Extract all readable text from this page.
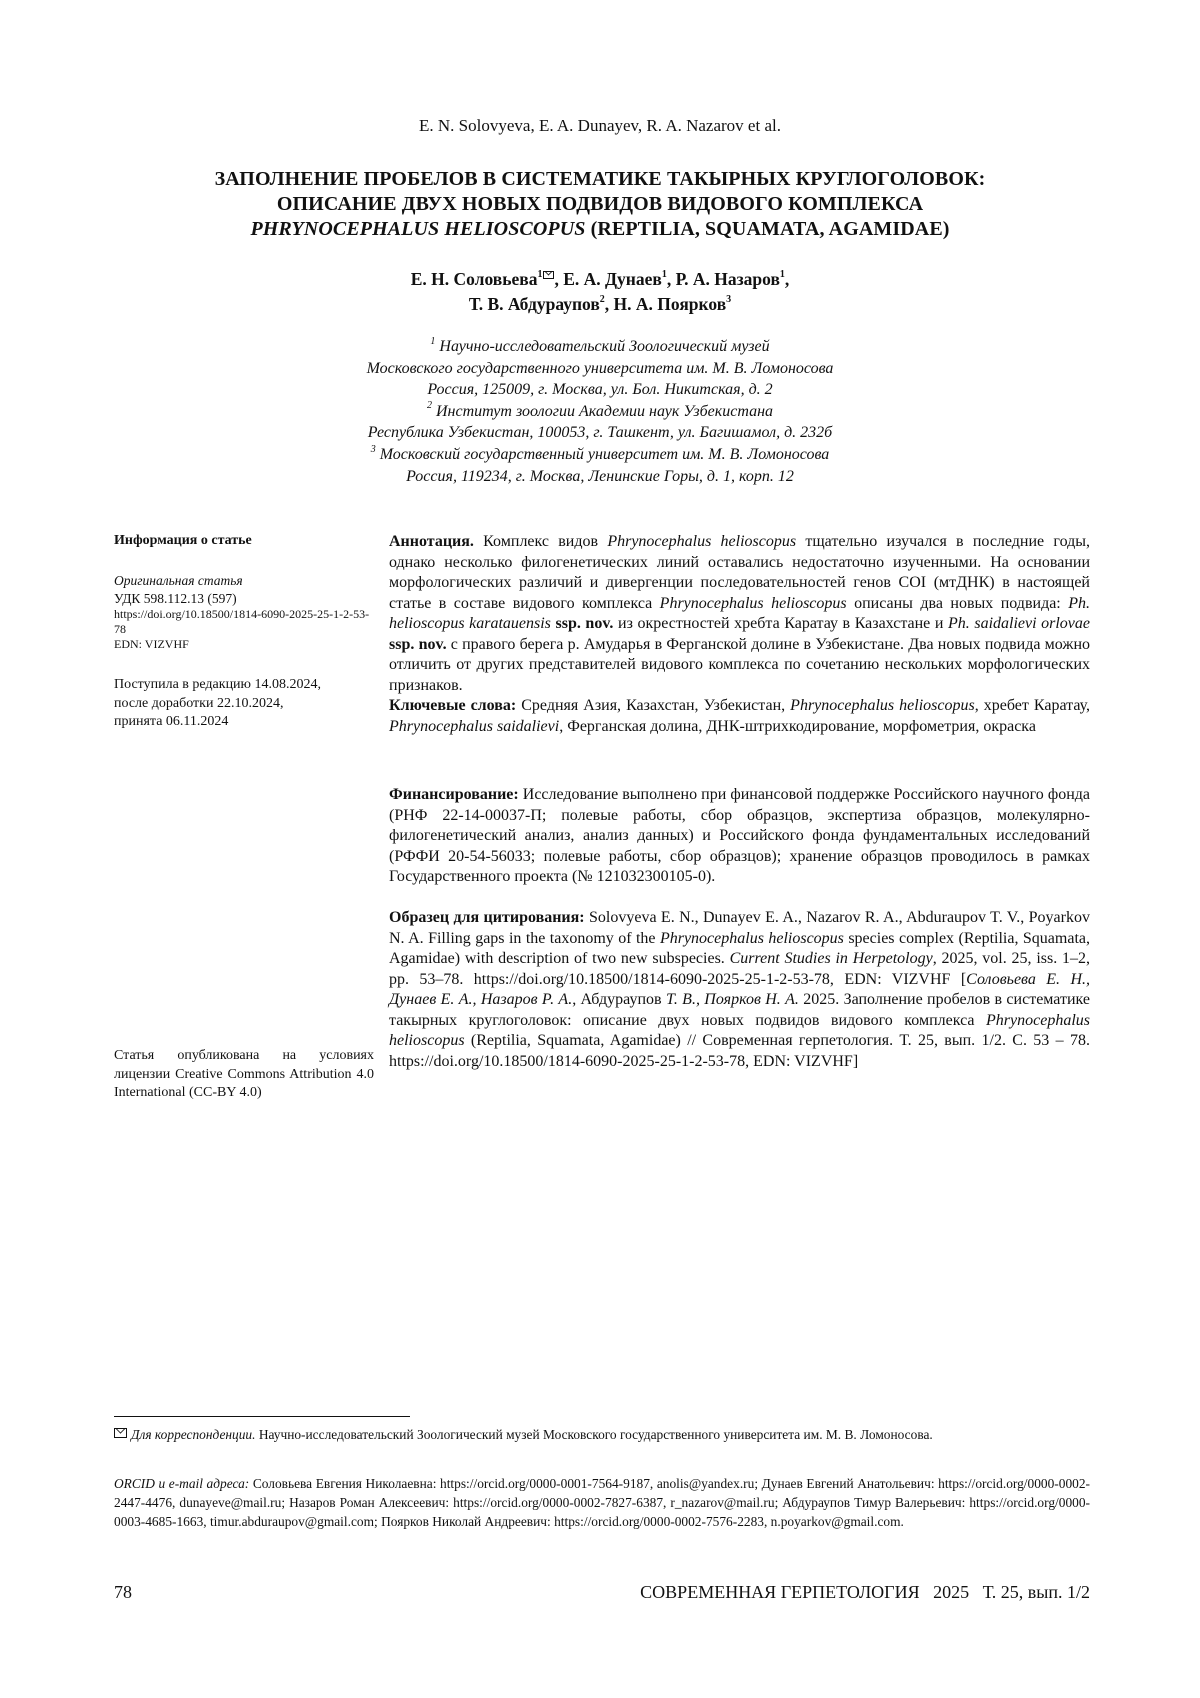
E. N. Solovyeva, E. A. Dunayev, R. A. Nazarov et al.
ЗАПОЛНЕНИЕ ПРОБЕЛОВ В СИСТЕМАТИКЕ ТАКЫРНЫХ КРУГЛОГОЛОВОК:
ОПИСАНИЕ ДВУХ НОВЫХ ПОДВИДОВ ВИДОВОГО КОМПЛЕКСА
PHRYNOCEPHALUS HELIOSCOPUS (REPTILIA, SQUAMATA, AGAMIDAE)
Е. Н. Соловьева$^1$ , Е. А. Дунаев$^1$, Р. А. Назаров$^1$,
Т. В. Абдураупов$^2$, Н. А. Поярков$^3$
$^1$ Научно-исследовательский Зоологический музей
Московского государственного университета им. М. В. Ломоносова
Россия, 125009, г. Москва, ул. Бол. Никитская, д. 2
$^2$ Институт зоологии Академии наук Узбекистана
Республика Узбекистан, 100053, г. Ташкент, ул. Багишамол, д. 232б
$^3$ Московский государственный университет им. М. В. Ломоносова
Россия, 119234, г. Москва, Ленинские Горы, д. 1, корп. 12
Информация о статье
Оригинальная статья
УДК 598.112.13 (597)
https://doi.org/10.18500/1814-6090-2025-25-1-2-53-78
EDN: VIZVHF
Поступила в редакцию 14.08.2024,
после доработки 22.10.2024,
принята 06.11.2024
Статья опубликована на условиях лицензии Creative Commons Attribution 4.0 International (CC-BY 4.0)
Аннотация. Комплекс видов Phrynocephalus helioscopus тщательно изучался в последние годы, однако несколько филогенетических линий оставались недостаточно изученными. На основании морфологических различий и дивергенции последовательностей генов COI (мтДНК) в настоящей статье в составе видового комплекса Phrynocephalus helioscopus описаны два новых подвида: Ph. helioscopus karatauensis ssp. nov. из окрестностей хребта Каратау в Казахстане и Ph. saidalievi orlovae ssp. nov. с правого берега р. Амударья в Ферганской долине в Узбекистане. Два новых подвида можно отличить от других представителей видового комплекса по сочетанию нескольких морфологических признаков.
Ключевые слова: Средняя Азия, Казахстан, Узбекистан, Phrynocephalus helioscopus, хребет Каратау, Phrynocephalus saidalievi, Ферганская долина, ДНК-штрихкодирование, морфометрия, окраска
Финансирование: Исследование выполнено при финансовой поддержке Российского научного фонда (РНФ 22-14-00037-П; полевые работы, сбор образцов, экспертиза образцов, молекулярно-филогенетический анализ, анализ данных) и Российского фонда фундаментальных исследований (РФФИ 20-54-56033; полевые работы, сбор образцов); хранение образцов проводилось в рамках Государственного проекта (№ 121032300105-0).
Образец для цитирования: Solovyeva E. N., Dunayev E. A., Nazarov R. A., Abduraupov T. V., Poyarkov N. A. Filling gaps in the taxonomy of the Phrynocephalus helioscopus species complex (Reptilia, Squamata, Agamidae) with description of two new subspecies. Current Studies in Herpetology, 2025, vol. 25, iss. 1–2, pp. 53–78. https://doi.org/10.18500/1814-6090-2025-25-1-2-53-78, EDN: VIZVHF [Соловьева Е. Н., Дунаев Е. А., Назаров Р. А., Абдураупов Т. В., Поярков Н. А. 2025. Заполнение пробелов в систематике такырных круглоголовок: описание двух новых подвидов видового комплекса Phrynocephalus helioscopus (Reptilia, Squamata, Agamidae) // Современная герпетология. Т. 25, вып. 1/2. С. 53 – 78. https://doi.org/10.18500/1814-6090-2025-25-1-2-53-78, EDN: VIZVHF]
Для корреспонденции. Научно-исследовательский Зоологический музей Московского государственного университета им. М. В. Ломоносова.
ORCID и e-mail адреса: Соловьева Евгения Николаевна: https://orcid.org/0000-0001-7564-9187, anolis@yandex.ru; Дунаев Евгений Анатольевич: https://orcid.org/0000-0002-2447-4476, dunayeve@mail.ru; Назаров Роман Алексеевич: https://orcid.org/0000-0002-7827-6387, r_nazarov@mail.ru; Абдураупов Тимур Валерьевич: https://orcid.org/0000-0003-4685-1663, timur.abduraupov@gmail.com; Поярков Николай Андреевич: https://orcid.org/0000-0002-7576-2283, n.poyarkov@gmail.com.
78	СОВРЕМЕННАЯ ГЕРПЕТОЛОГИЯ   2025   Т. 25, вып. 1/2
